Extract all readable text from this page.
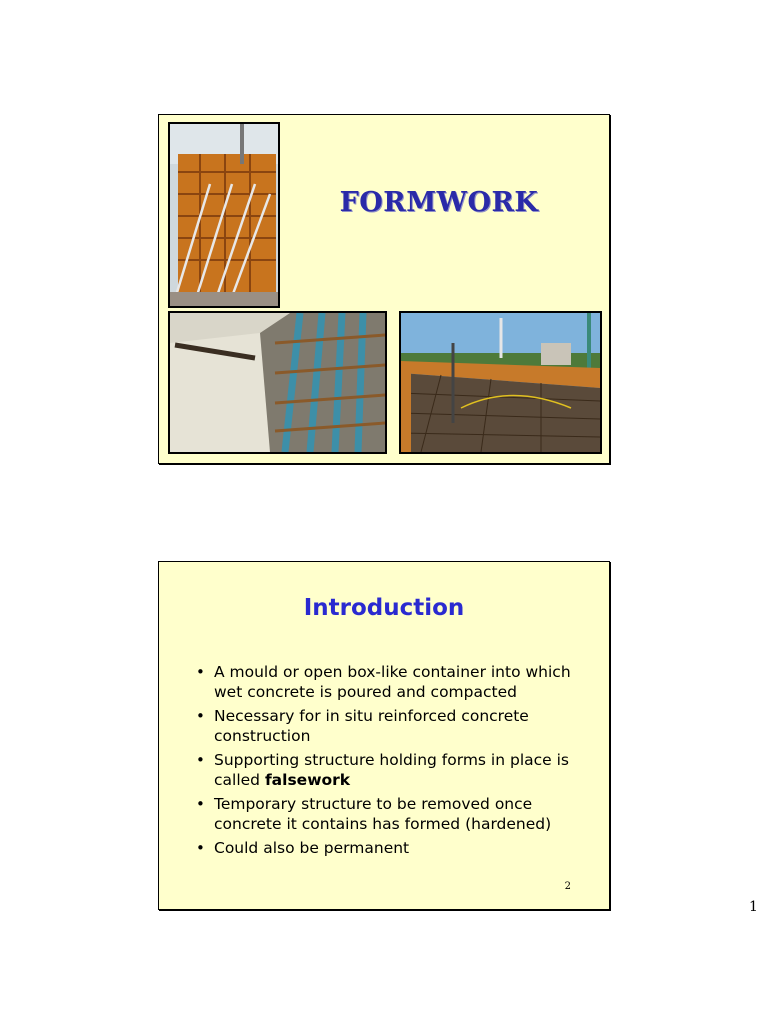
FORMWORK
Introduction
• A mould or open box-like container into which wet concrete is poured and compacted
• Necessary for in situ reinforced concrete construction
• Supporting structure holding forms in place is called falsework
• Temporary structure to be removed once concrete it contains has formed (hardened)
• Could also be permanent
2
1
